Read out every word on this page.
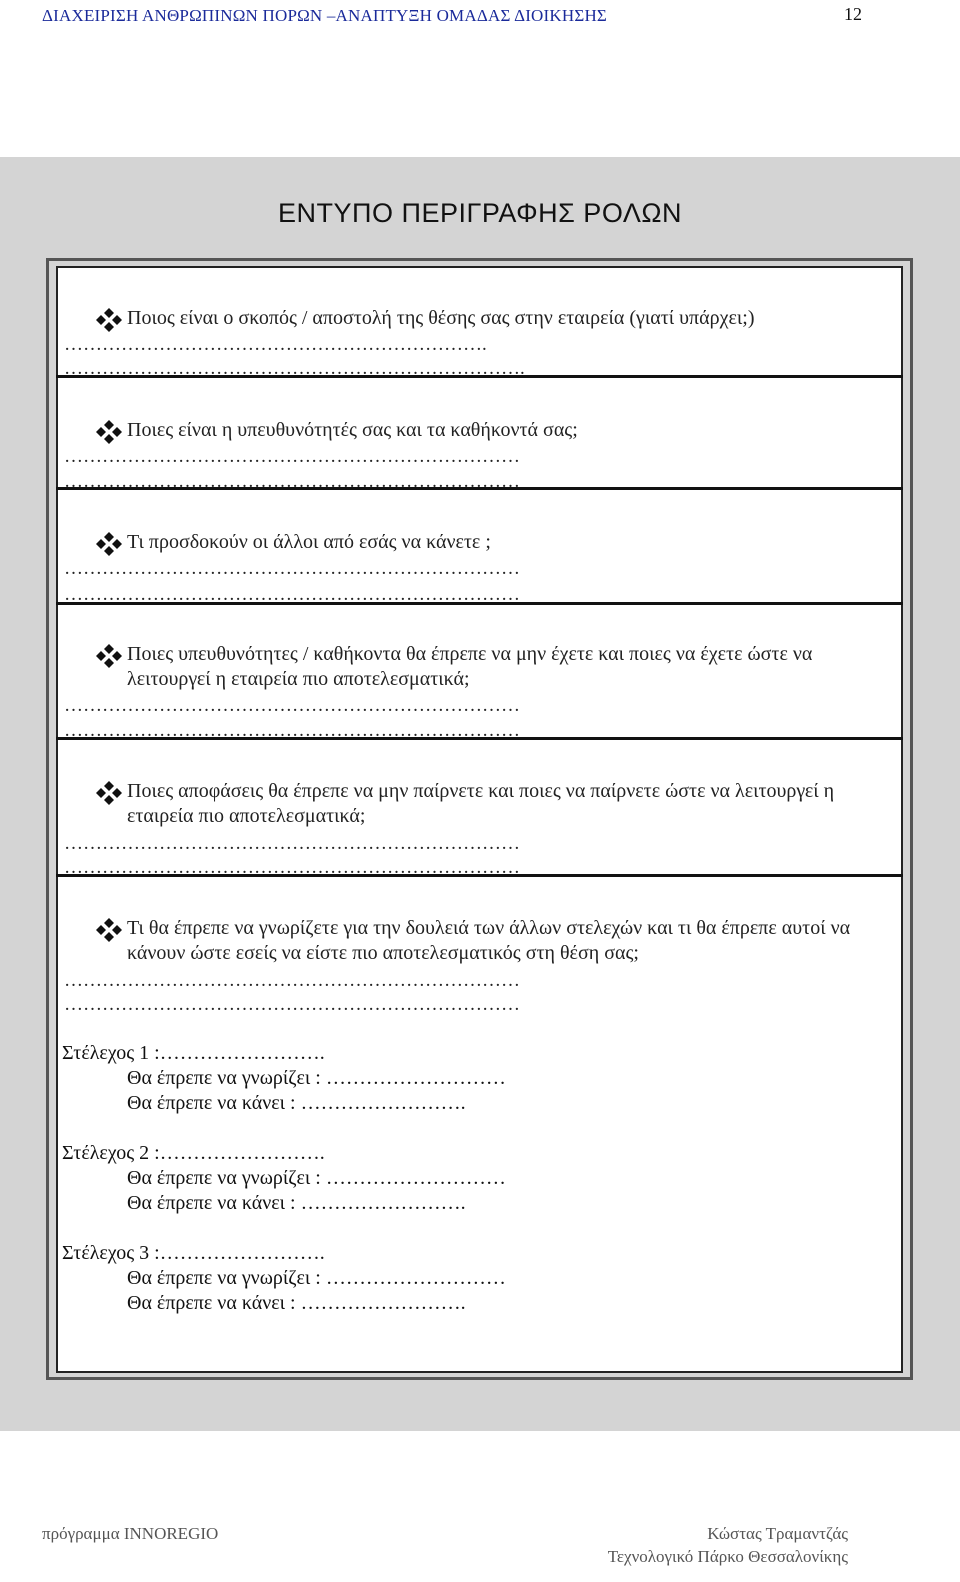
ΔΙΑΧΕΙΡΙΣΗ ΑΝΘΡΩΠΙΝΩΝ ΠΟΡΩΝ –ΑΝΑΠΤΥΞΗ ΟΜΑΔΑΣ ΔΙΟΙΚΗΣΗΣ	12
ΕΝΤΥΠΟ ΠΕΡΙΓΡΑΦΗΣ ΡΟΛΩΝ
Ποιος είναι ο σκοπός / αποστολή της θέσης σας στην εταιρεία (γιατί υπάρχει;)
………………………………………………………….
……………………………………………………………….
Ποιες είναι η υπευθυνότητές σας και τα καθήκοντά σας;
………………………………………………………………
………………………………………………………………
Τι προσδοκούν οι άλλοι από εσάς να κάνετε ;
………………………………………………………………
………………………………………………………………
Ποιες υπευθυνότητες / καθήκοντα θα έπρεπε να μην έχετε και ποιες να έχετε ώστε να λειτουργεί η εταιρεία πιο αποτελεσματικά;
………………………………………………………………
………………………………………………………………
Ποιες αποφάσεις θα έπρεπε να μην παίρνετε και ποιες να παίρνετε ώστε να λειτουργεί η εταιρεία πιο αποτελεσματικά;
………………………………………………………………
………………………………………………………………
Τι θα έπρεπε να γνωρίζετε για την δουλειά των άλλων στελεχών και τι θα έπρεπε αυτοί να κάνουν ώστε εσείς να είστε πιο αποτελεσματικός στη θέση σας;
………………………………………………………………
………………………………………………………………
Στέλεχος 1 :…………………….
Θα έπρεπε να γνωρίζει : ………………………
Θα έπρεπε να κάνει : …………………….
Στέλεχος 2 :…………………….
Θα έπρεπε να γνωρίζει : ………………………
Θα έπρεπε να κάνει : …………………….
Στέλεχος 3 :…………………….
Θα έπρεπε να γνωρίζει : ………………………
Θα έπρεπε να κάνει : …………………….
πρόγραμμα INNOREGIO	Κώστας Τραμαντζάς
Τεχνολογικό Πάρκο Θεσσαλονίκης
